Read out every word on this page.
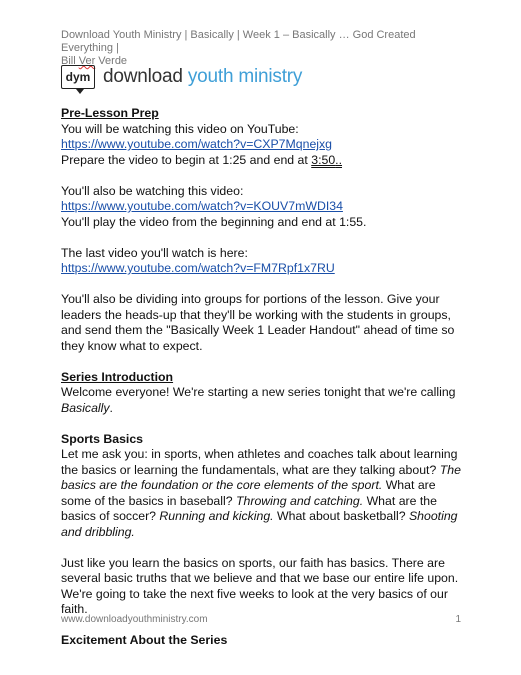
Download Youth Ministry | Basically | Week 1 – Basically … God Created Everything |
Bill Ver Verde
dym download youth ministry

Pre-Lesson Prep
You will be watching this video on YouTube:
https://www.youtube.com/watch?v=CXP7Mqnejxg
Prepare the video to begin at 1:25 and end at 3:50..

You'll also be watching this video:
https://www.youtube.com/watch?v=KOUV7mWDI34
You'll play the video from the beginning and end at 1:55.

The last video you'll watch is here:
https://www.youtube.com/watch?v=FM7Rpf1x7RU

You'll also be dividing into groups for portions of the lesson. Give your leaders the heads-up that they'll be working with the students in groups, and send them the "Basically Week 1 Leader Handout" ahead of time so they know what to expect.

Series Introduction
Welcome everyone! We're starting a new series tonight that we're calling Basically.

Sports Basics
Let me ask you: in sports, when athletes and coaches talk about learning the basics or learning the fundamentals, what are they talking about? The basics are the foundation or the core elements of the sport. What are some of the basics in baseball? Throwing and catching. What are the basics of soccer? Running and kicking. What about basketball? Shooting and dribbling.

Just like you learn the basics on sports, our faith has basics. There are several basic truths that we believe and that we base our entire life upon. We're going to take the next five weeks to look at the very basics of our faith.

Excitement About the Series

www.downloadyouthministry.com	1
